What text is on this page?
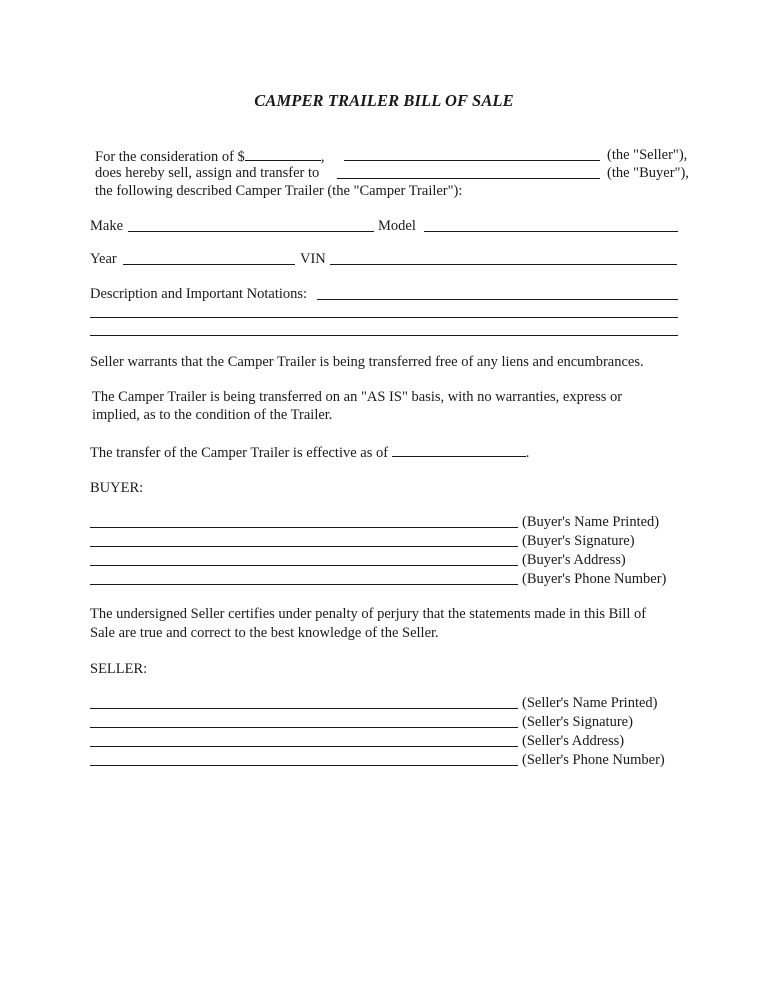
CAMPER TRAILER BILL OF SALE
For the consideration of $	,	(the "Seller"),
does hereby sell, assign and transfer to	(the "Buyer"),
the following described Camper Trailer (the "Camper Trailer"):
Make	Model
Year	VIN
Description and Important Notations:
Seller warrants that the Camper Trailer is being transferred free of any liens and encumbrances.
The Camper Trailer is being transferred on an "AS IS" basis, with no warranties, express or
implied, as to the condition of the Trailer.
The transfer of the Camper Trailer is effective as of	.
BUYER:
(Buyer's Name Printed)
(Buyer's Signature)
(Buyer's Address)
(Buyer's Phone Number)
The undersigned Seller certifies under penalty of perjury that the statements made in this Bill of
Sale are true and correct to the best knowledge of the Seller.
SELLER:
(Seller's Name Printed)
(Seller's Signature)
(Seller's Address)
(Seller's Phone Number)
